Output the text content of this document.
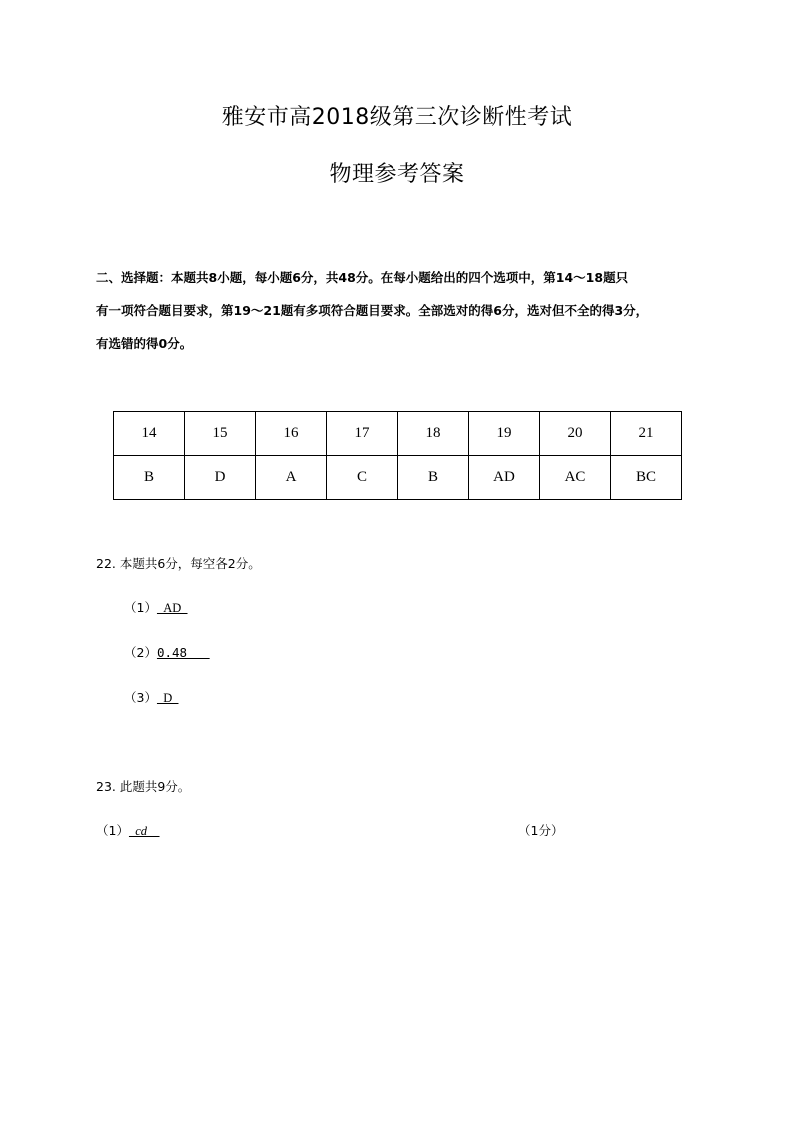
雅安市高2018级第三次诊断性考试
物理参考答案
二、选择题：本题共8小题，每小题6分，共48分。在每小题给出的四个选项中，第14～18题只
有一项符合题目要求，第19～21题有多项符合题目要求。全部选对的得6分，选对但不全的得3分，
有选错的得0分。
14	15	16	17	18	19	20	21
B	D	A	C	B	AD	AC	BC
22. 本题共6分，每空各2分。
（1）  AD
（2）0.48
（3）  D
23. 此题共9分。
（1）  cd	（1分）
